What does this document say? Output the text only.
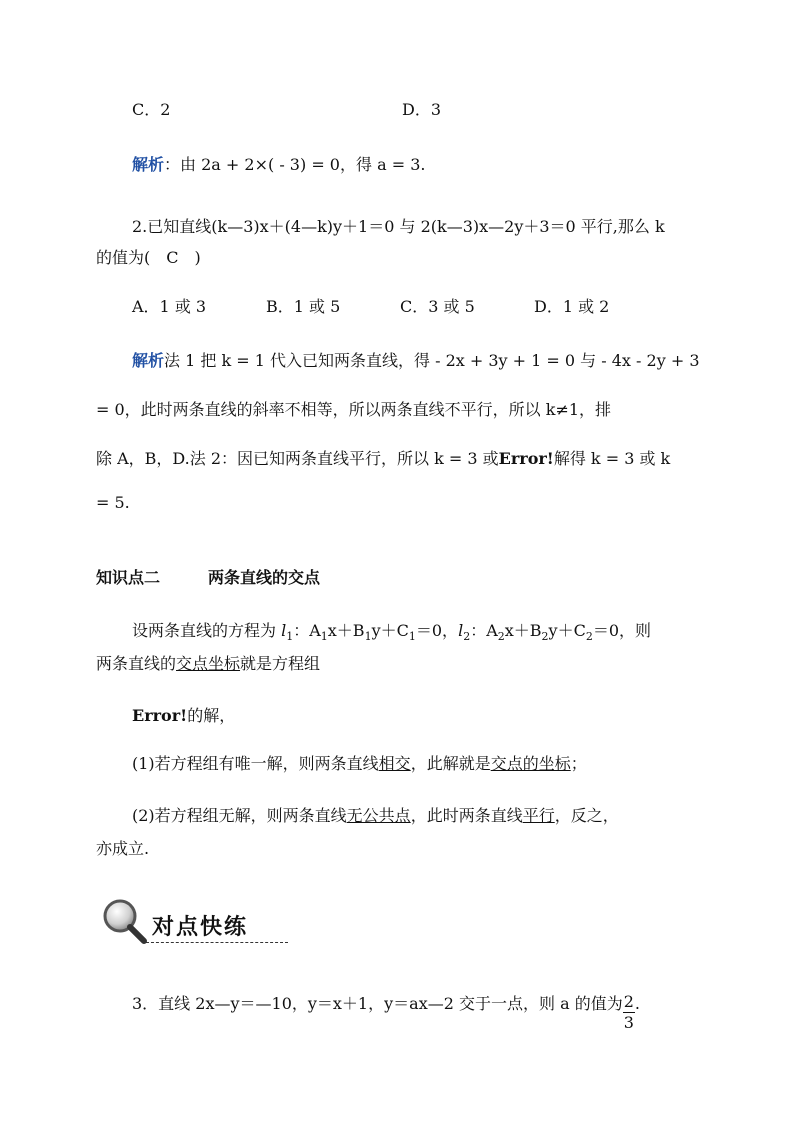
C．2	D．3
解析：由 2a + 2×( - 3) = 0，得 a = 3.
2.已知直线(k—3)x＋(4—k)y＋1＝0 与 2(k—3)x—2y＋3＝0 平行,那么 k
的值为(　C　)
A．1 或 3	B．1 或 5	C．3 或 5	D．1 或 2
解析法 1 把 k = 1 代入已知两条直线，得 - 2x + 3y + 1 = 0 与 - 4x - 2y + 3
= 0，此时两条直线的斜率不相等，所以两条直线不平行，所以 k≠1，排
除 A，B，D.法 2：因已知两条直线平行，所以 k = 3 或Error!解得 k = 3 或 k
= 5.
知识点二	两条直线的交点
设两条直线的方程为 $l_1$：$A_1x+B_1y+C_1=0$，$l_2$：$A_2x+B_2y+C_2=0$，则
两条直线的交点坐标就是方程组
Error!的解，
(1)若方程组有唯一解，则两条直线相交，此解就是交点的坐标；
(2)若方程组无解，则两条直线无公共点，此时两条直线平行，反之，
亦成立.
对点快练
3．直线 2x—y＝—10，y＝x＋1，y＝ax—2 交于一点，则 a 的值为 $\frac{2}{3}$ .
